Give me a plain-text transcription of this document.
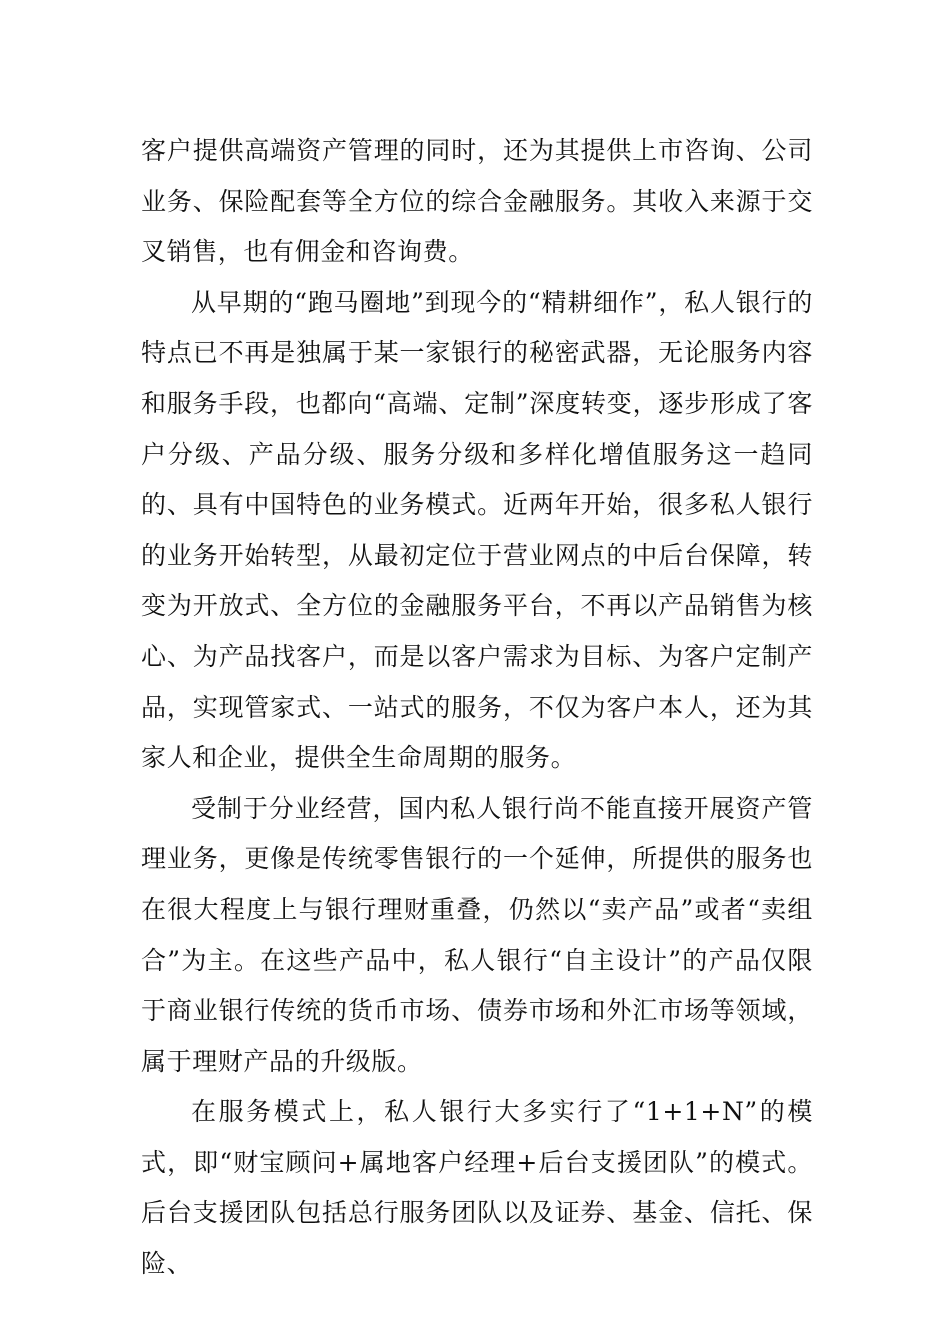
客户提供高端资产管理的同时，还为其提供上市咨询、公司业务、保险配套等全方位的综合金融服务。其收入来源于交叉销售，也有佣金和咨询费。

从早期的“跑马圈地”到现今的“精耕细作”，私人银行的特点已不再是独属于某一家银行的秘密武器，无论服务内容和服务手段，也都向“高端、定制”深度转变，逐步形成了客户分级、产品分级、服务分级和多样化增值服务这一趋同的、具有中国特色的业务模式。近两年开始，很多私人银行的业务开始转型，从最初定位于营业网点的中后台保障，转变为开放式、全方位的金融服务平台，不再以产品销售为核心、为产品找客户，而是以客户需求为目标、为客户定制产品，实现管家式、一站式的服务，不仅为客户本人，还为其家人和企业，提供全生命周期的服务。

受制于分业经营，国内私人银行尚不能直接开展资产管理业务，更像是传统零售银行的一个延伸，所提供的服务也在很大程度上与银行理财重叠，仍然以“卖产品”或者“卖组合”为主。在这些产品中，私人银行“自主设计”的产品仅限于商业银行传统的货币市场、债券市场和外汇市场等领域，属于理财产品的升级版。

在服务模式上，私人银行大多实行了“1+1+N”的模式，即“财宝顾问+属地客户经理+后台支援团队”的模式。后台支援团队包括总行服务团队以及证券、基金、信托、保险、
